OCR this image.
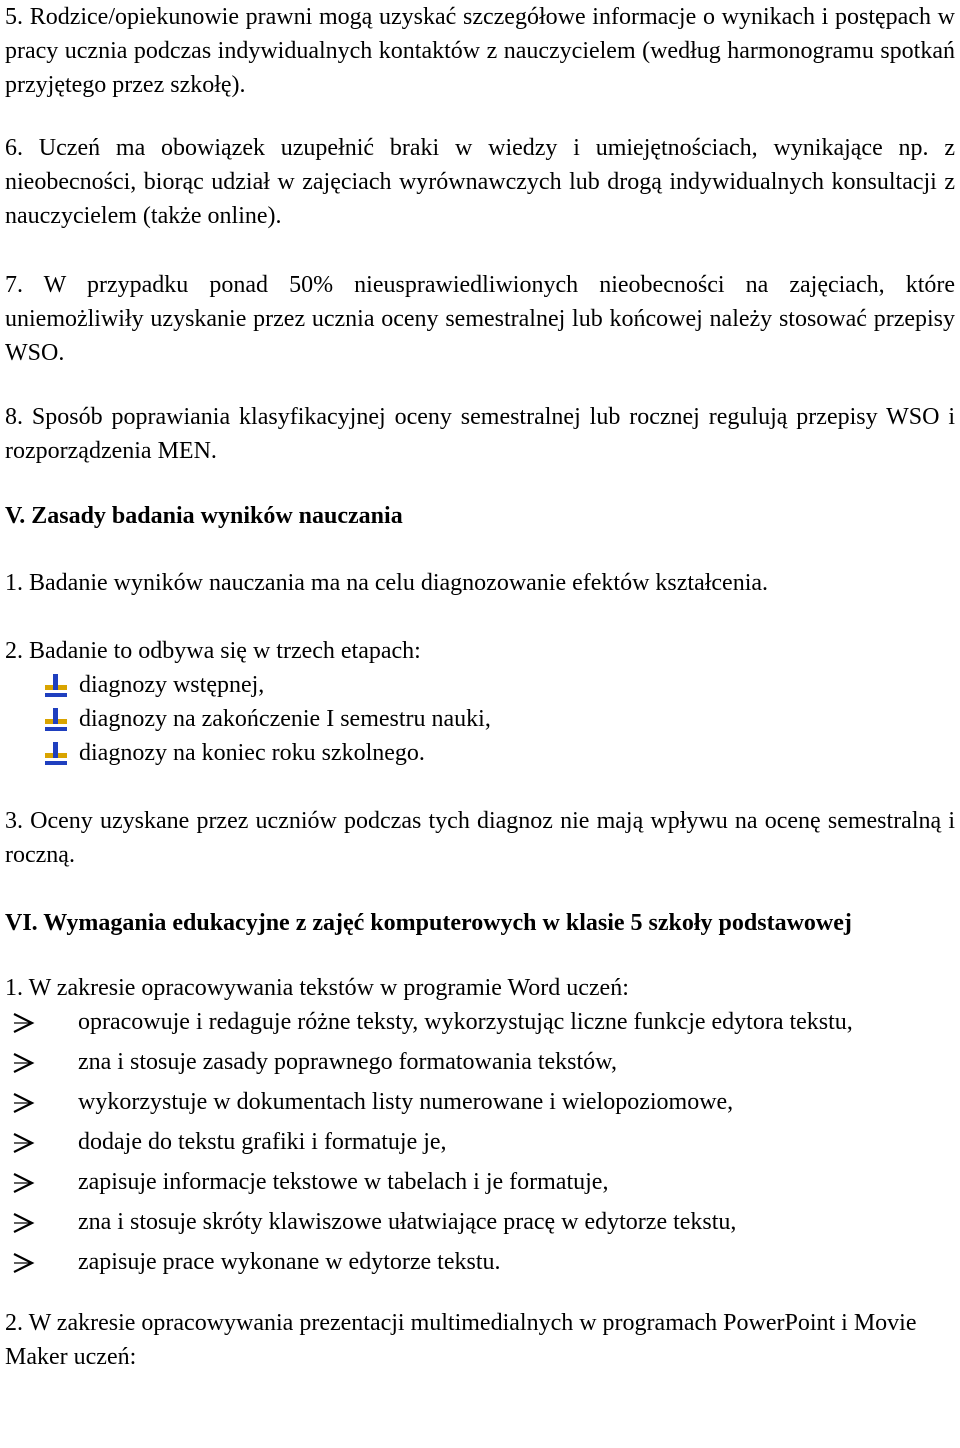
5. Rodzice/opiekunowie prawni mogą uzyskać szczegółowe informacje o wynikach i postępach w pracy ucznia podczas indywidualnych kontaktów z nauczycielem (według harmonogramu spotkań przyjętego przez szkołę).

6. Uczeń ma obowiązek uzupełnić braki w wiedzy i umiejętnościach, wynikające np. z nieobecności, biorąc udział w zajęciach wyrównawczych lub drogą indywidualnych konsultacji z nauczycielem (także online).

7. W przypadku ponad 50% nieusprawiedliwionych nieobecności na zajęciach, które uniemożliwiły uzyskanie przez ucznia oceny semestralnej lub końcowej należy stosować przepisy WSO.

8. Sposób poprawiania klasyfikacyjnej oceny semestralnej lub rocznej regulują przepisy WSO i rozporządzenia MEN.

V. Zasady badania wyników nauczania

1. Badanie wyników nauczania ma na celu diagnozowanie efektów kształcenia.

2. Badanie to odbywa się w trzech etapach:

diagnozy wstępnej,
diagnozy na zakończenie I semestru nauki,
diagnozy na koniec roku szkolnego.

3. Oceny uzyskane przez uczniów podczas tych diagnoz nie mają wpływu na ocenę semestralną i roczną.

VI. Wymagania edukacyjne z zajęć komputerowych w klasie 5 szkoły podstawowej

1. W zakresie opracowywania tekstów w programie Word uczeń:

opracowuje i redaguje różne teksty, wykorzystując liczne funkcje edytora tekstu,
zna i stosuje zasady poprawnego formatowania tekstów,
wykorzystuje w dokumentach listy numerowane i wielopoziomowe,
dodaje do tekstu grafiki i formatuje je,
zapisuje informacje tekstowe w tabelach i je formatuje,
zna i stosuje skróty klawiszowe ułatwiające pracę w edytorze tekstu,
zapisuje prace wykonane w edytorze tekstu.

2. W zakresie opracowywania prezentacji multimedialnych w programach PowerPoint i Movie Maker uczeń:
